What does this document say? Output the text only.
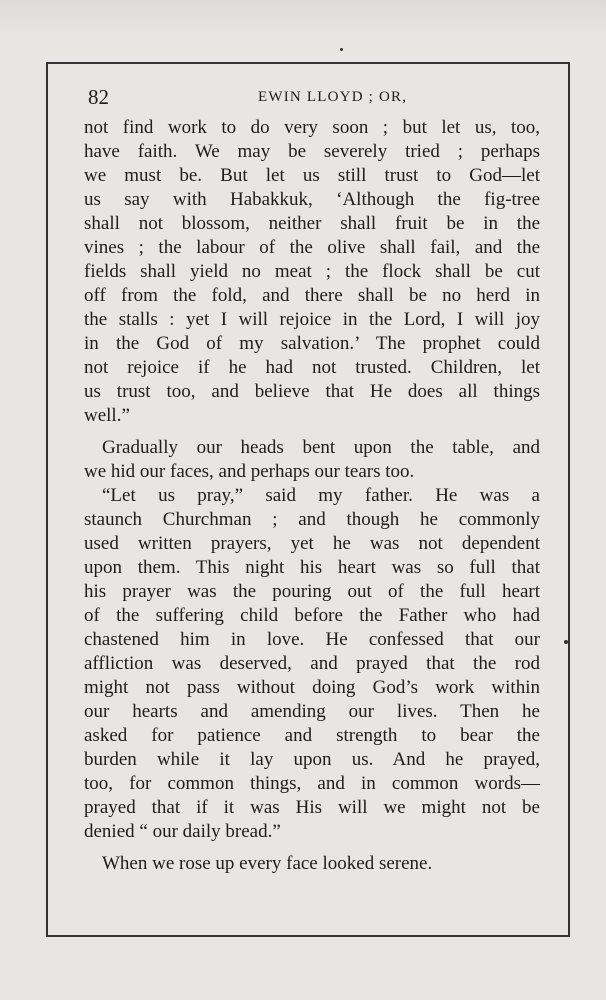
82	EWIN LLOYD ; OR,
not find work to do very soon ; but let us, too,
have faith. We may be severely tried ; perhaps
we must be. But let us still trust to God—let
us say with Habakkuk, ‘Although the fig-tree
shall not blossom, neither shall fruit be in the
vines ; the labour of the olive shall fail, and the
fields shall yield no meat ; the flock shall be cut
off from the fold, and there shall be no herd in
the stalls : yet I will rejoice in the Lord, I will joy
in the God of my salvation.’ The prophet could
not rejoice if he had not trusted. Children, let
us trust too, and believe that He does all things
well.”
Gradually our heads bent upon the table, and
we hid our faces, and perhaps our tears too.
“Let us pray,” said my father. He was a
staunch Churchman ; and though he commonly
used written prayers, yet he was not dependent
upon them. This night his heart was so full that
his prayer was the pouring out of the full heart
of the suffering child before the Father who had
chastened him in love. He confessed that our
affliction was deserved, and prayed that the rod
might not pass without doing God’s work within
our hearts and amending our lives. Then he
asked for patience and strength to bear the
burden while it lay upon us. And he prayed,
too, for common things, and in common words—
prayed that if it was His will we might not be
denied “ our daily bread.”
When we rose up every face looked serene.
